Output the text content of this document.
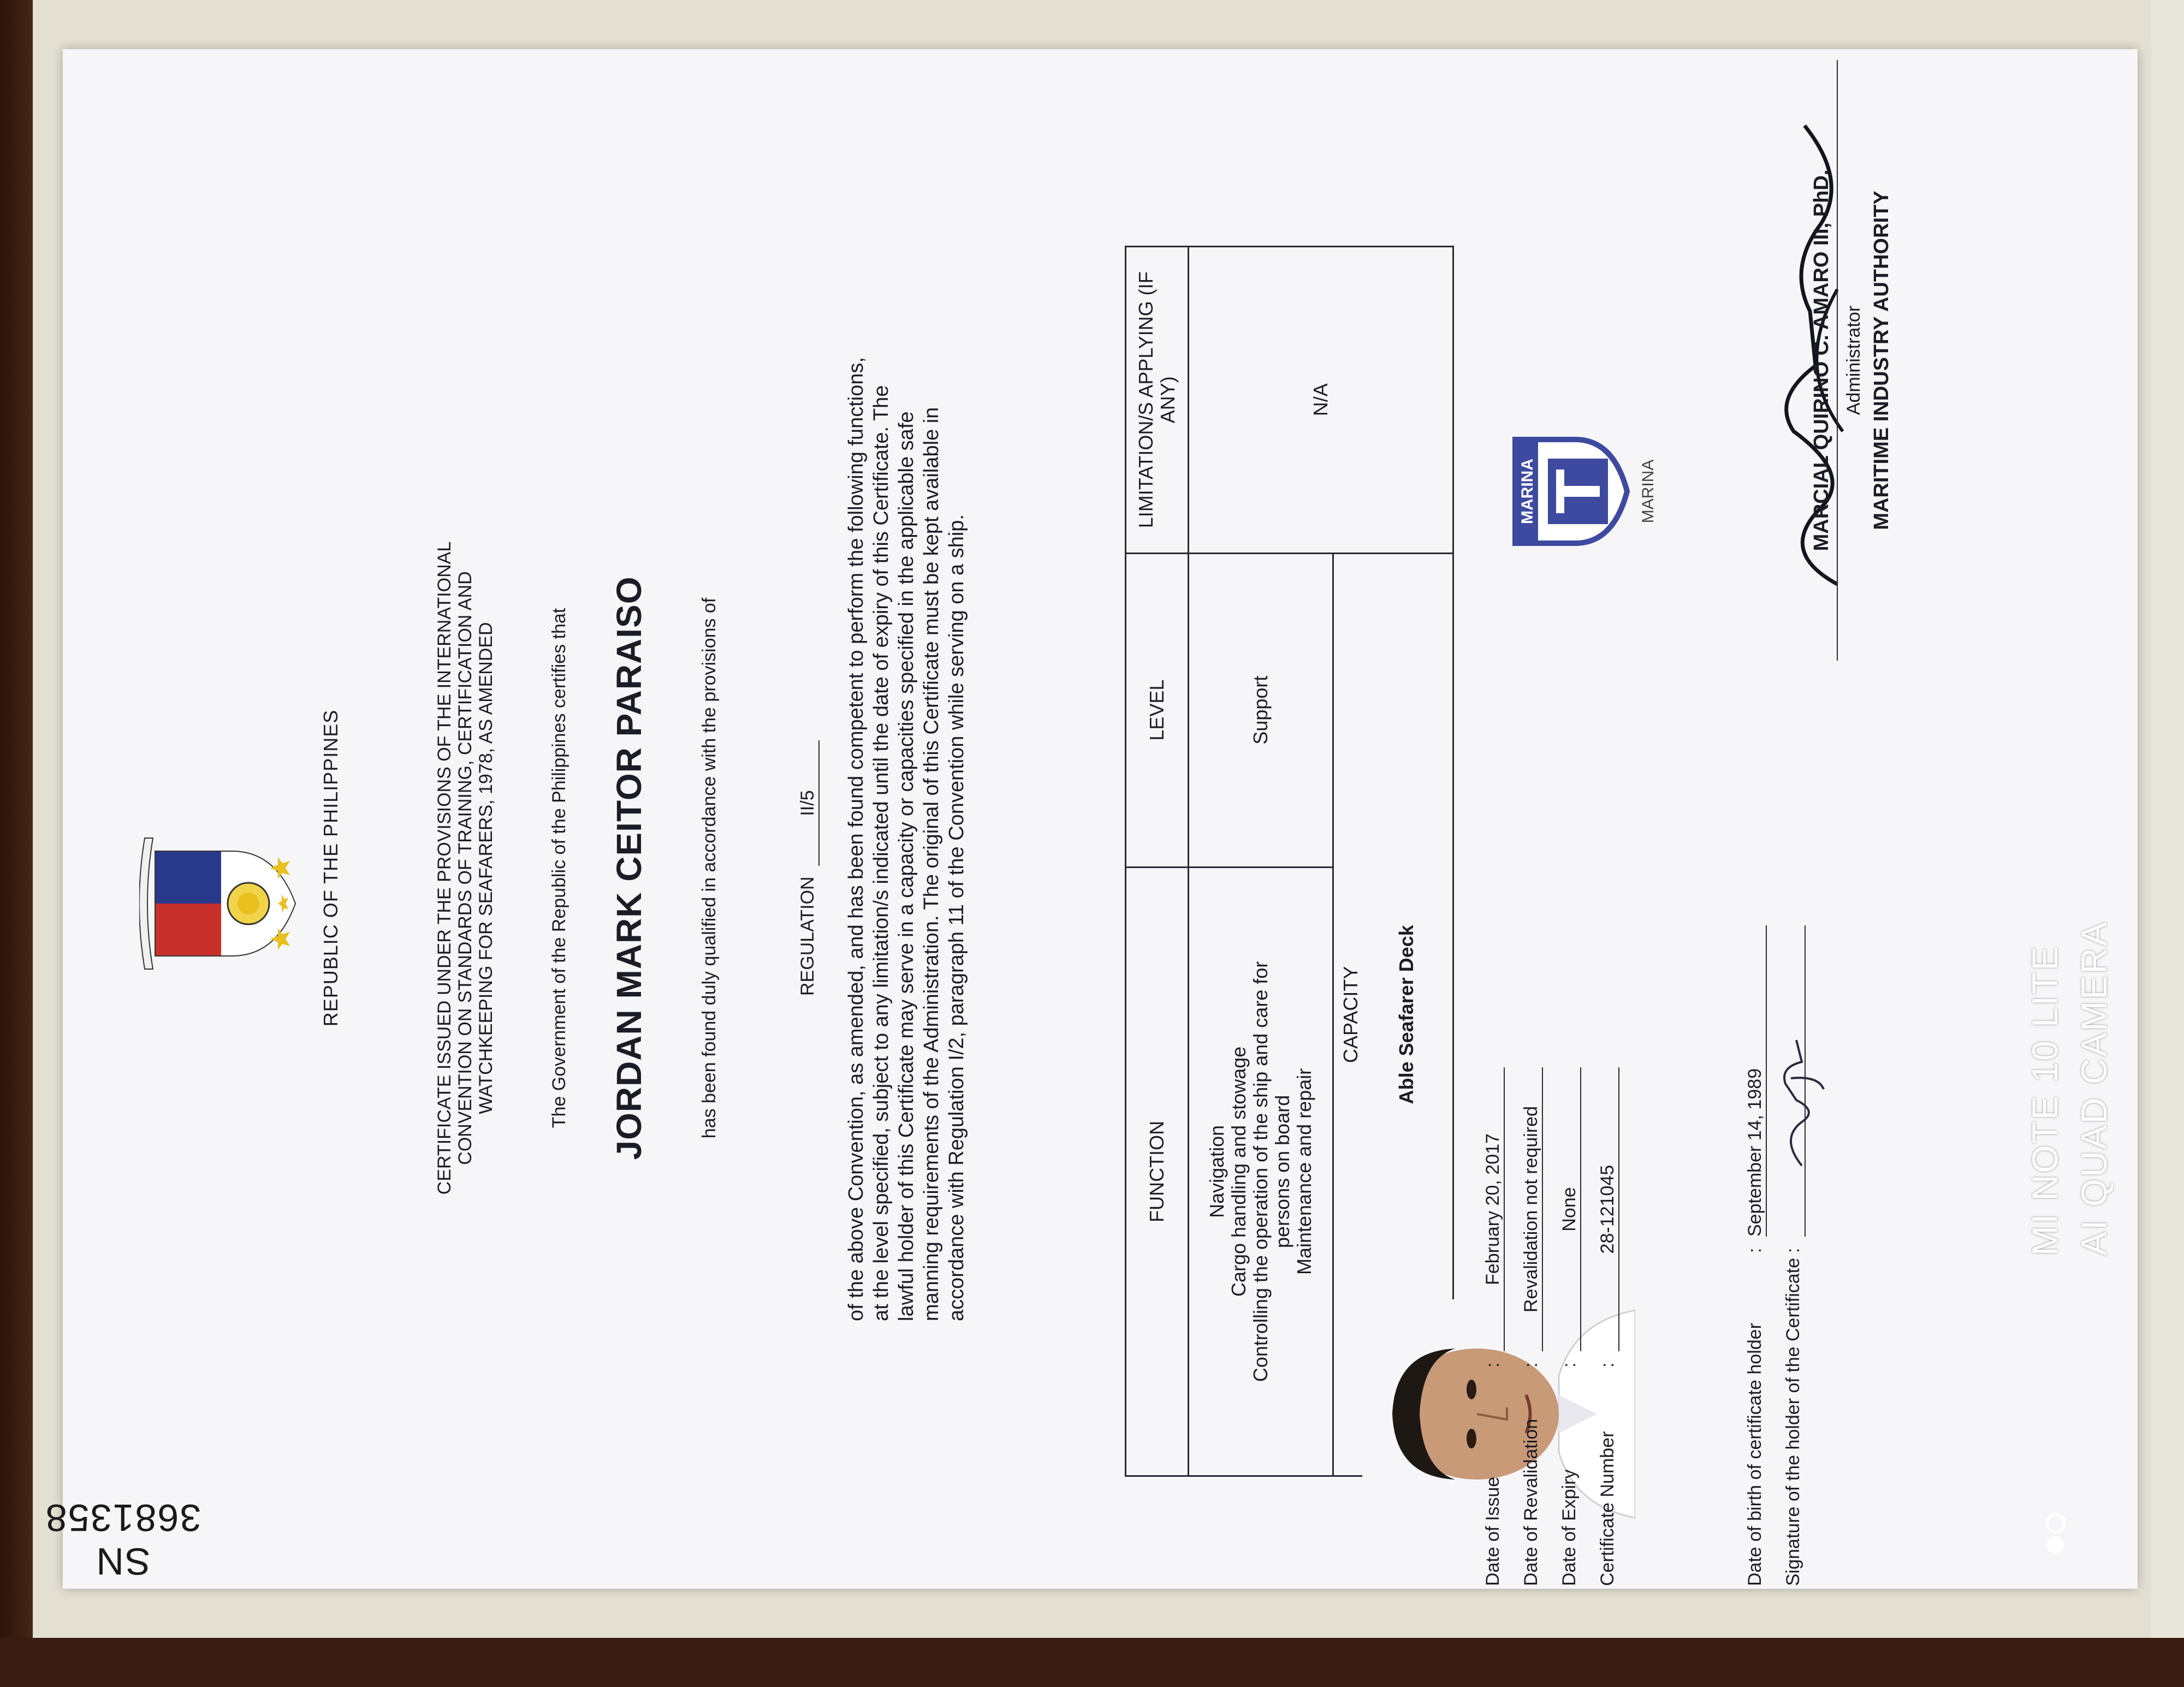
REPUBLIC OF THE PHILIPPINES	CERTIFICATE ISSUED UNDER THE PROVISIONS OF THE INTERNATIONAL CONVENTION ON STANDARDS OF TRAINING, CERTIFICATION AND WATCHKEEPING FOR SEAFARERS, 1978, AS AMENDED	The Government of the Republic of the Philippines certifies that JORDAN MARK CEITOR PARAISO	has been found duly qualified in accordance with the provisions of	REGULATION II/5 of the above Convention, as amended, and has been found competent to perform the following functions, at the level specified, subject to any limitation/s indicated until the date of expiry of this Certificate. The lawful holder of this Certificate may serve in a capacity or capacities specified in the applicable safe manning requirements of the Administration. The original of this Certificate must be kept available in accordance with Regulation I/2, paragraph 11 of the Convention while serving on a ship.	FUNCTION	LEVEL	LIMITATION/S APPLYING (IF ANY)

Navigation Cargo handling and stowage Controlling the operation of the ship and care for persons on board Maintenance and repair	Support	N/A

CAPACITY Able Seafarer Deck		
Date of Issue
:
February 20, 2017
Date of Revalidation
:
Revalidation not required
Date of Expiry
:
None
Certificate Number
:
28-121045
MARINA	MARINA
Date of birth of certificate holder
:
September 14, 1989
Signature of the holder of the Certificate
:
MARCIAL QUIRINO C. AMARO III, PhD. Administrator MARITIME INDUSTRY AUTHORITY
SN 3681358
MI NOTE 10 LITE AI QUAD CAMERA
